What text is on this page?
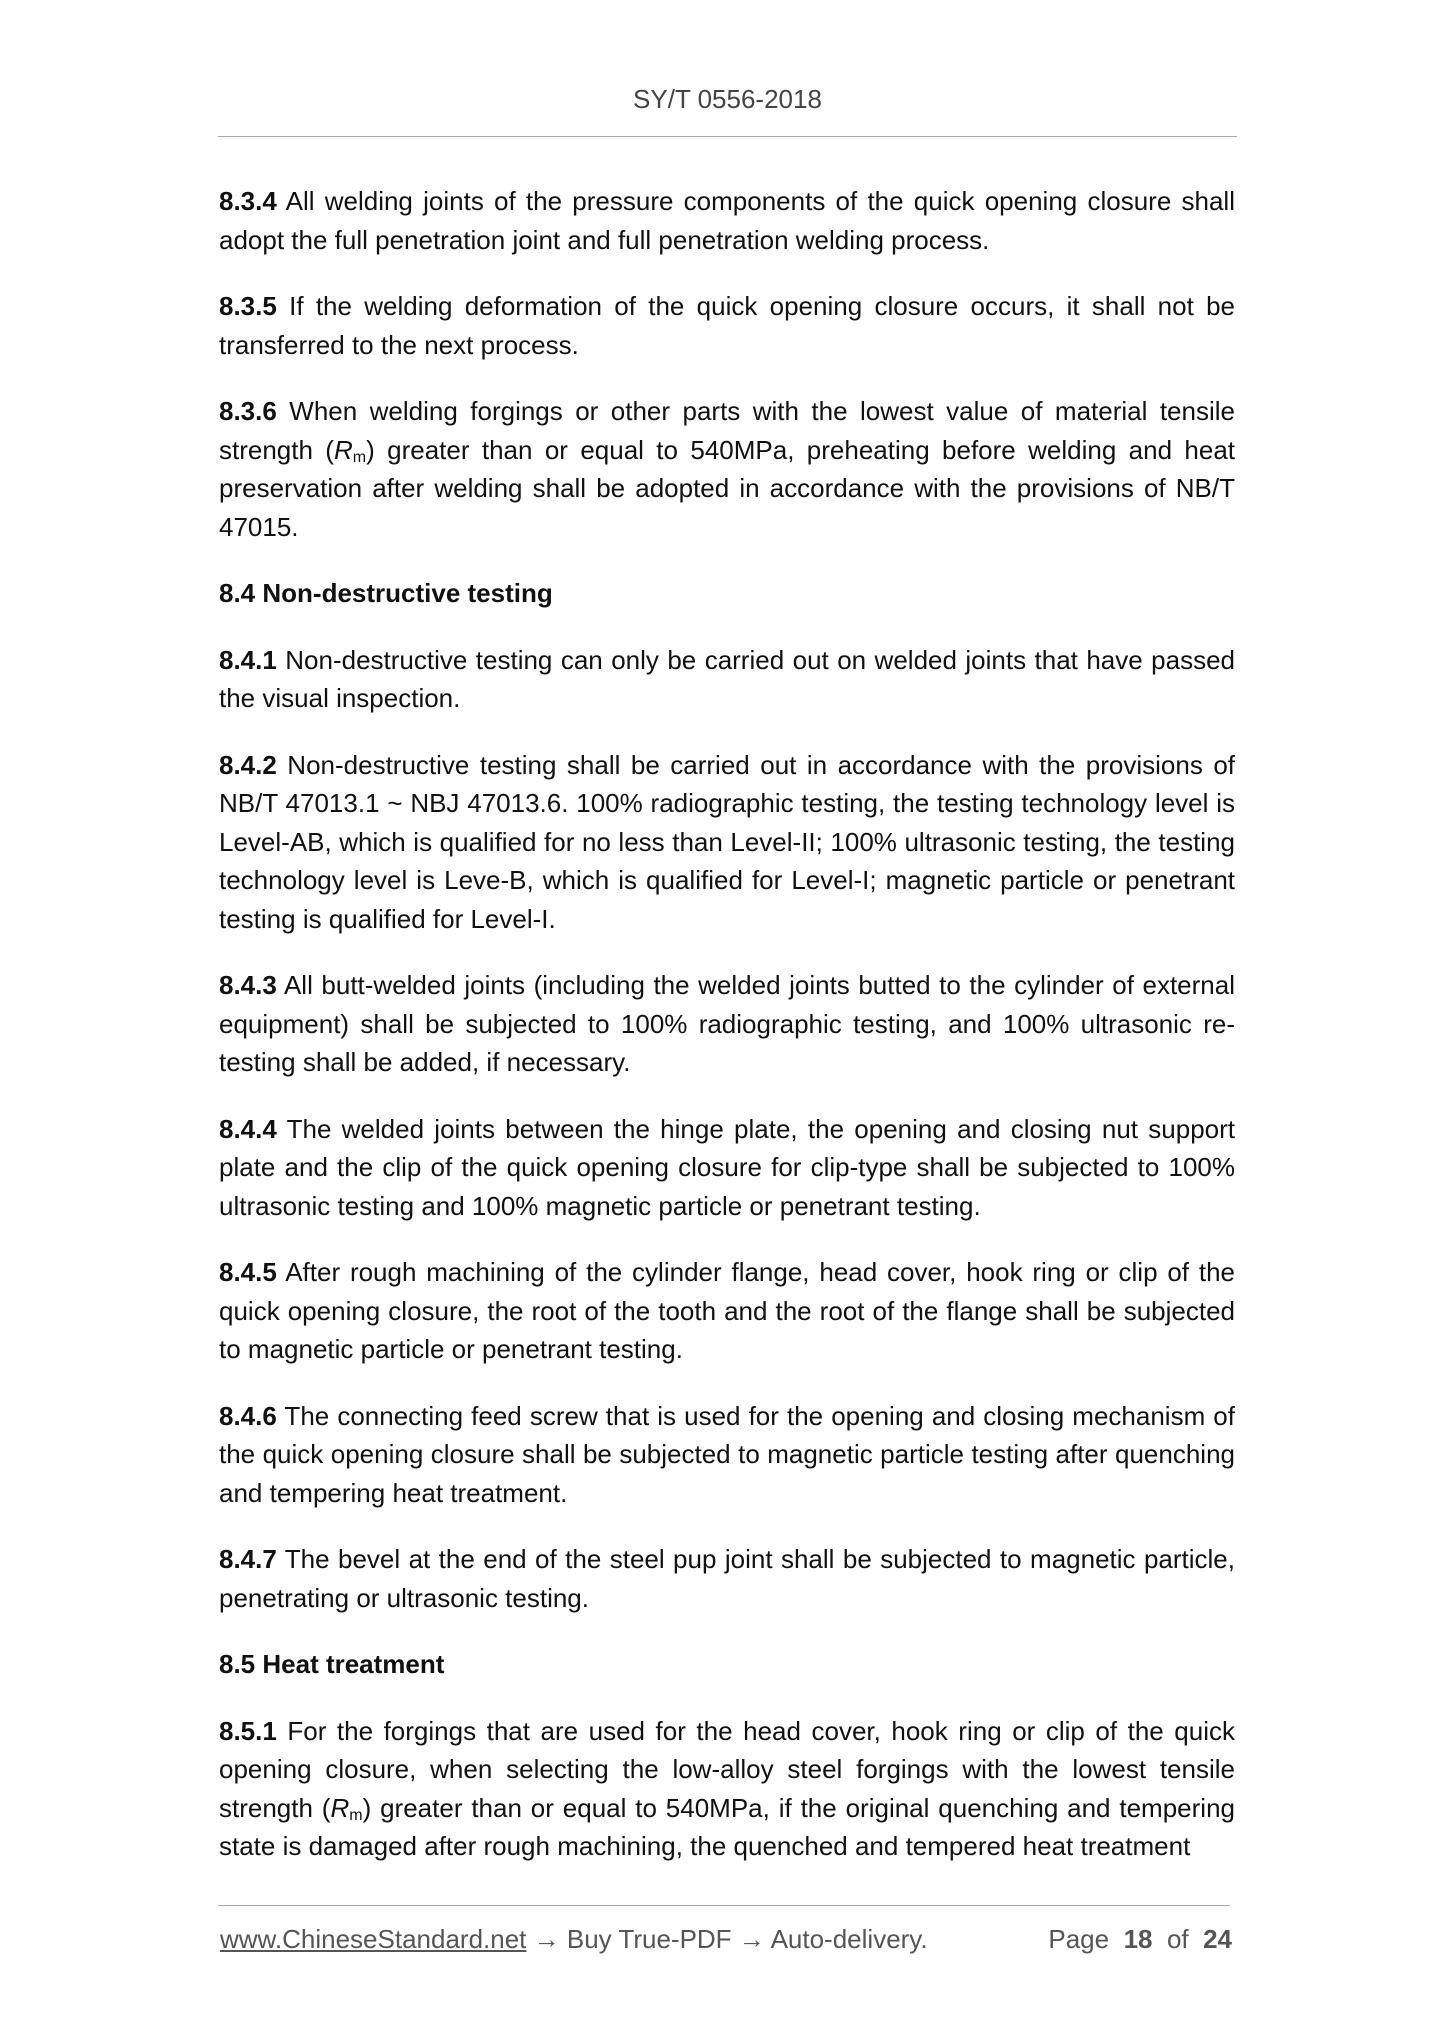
SY/T 0556-2018

8.3.4 All welding joints of the pressure components of the quick opening closure shall adopt the full penetration joint and full penetration welding process.

8.3.5 If the welding deformation of the quick opening closure occurs, it shall not be transferred to the next process.

8.3.6 When welding forgings or other parts with the lowest value of material tensile strength $(R_m)$ greater than or equal to 540MPa, preheating before welding and heat preservation after welding shall be adopted in accordance with the provisions of NB/T 47015.

8.4 Non-destructive testing

8.4.1 Non-destructive testing can only be carried out on welded joints that have passed the visual inspection.

8.4.2 Non-destructive testing shall be carried out in accordance with the provisions of NB/T 47013.1 ~ NBJ 47013.6. 100% radiographic testing, the testing technology level is Level-AB, which is qualified for no less than Level-II; 100% ultrasonic testing, the testing technology level is Leve-B, which is qualified for Level-I; magnetic particle or penetrant testing is qualified for Level-I.

8.4.3 All butt-welded joints (including the welded joints butted to the cylinder of external equipment) shall be subjected to 100% radiographic testing, and 100% ultrasonic re-testing shall be added, if necessary.

8.4.4 The welded joints between the hinge plate, the opening and closing nut support plate and the clip of the quick opening closure for clip-type shall be subjected to 100% ultrasonic testing and 100% magnetic particle or penetrant testing.

8.4.5 After rough machining of the cylinder flange, head cover, hook ring or clip of the quick opening closure, the root of the tooth and the root of the flange shall be subjected to magnetic particle or penetrant testing.

8.4.6 The connecting feed screw that is used for the opening and closing mechanism of the quick opening closure shall be subjected to magnetic particle testing after quenching and tempering heat treatment.

8.4.7 The bevel at the end of the steel pup joint shall be subjected to magnetic particle, penetrating or ultrasonic testing.

8.5 Heat treatment

8.5.1 For the forgings that are used for the head cover, hook ring or clip of the quick opening closure, when selecting the low-alloy steel forgings with the lowest tensile strength $(R_m)$ greater than or equal to 540MPa, if the original quenching and tempering state is damaged after rough machining, the quenched and tempered heat treatment

www.ChineseStandard.net → Buy True-PDF → Auto-delivery.	Page 18 of 24
